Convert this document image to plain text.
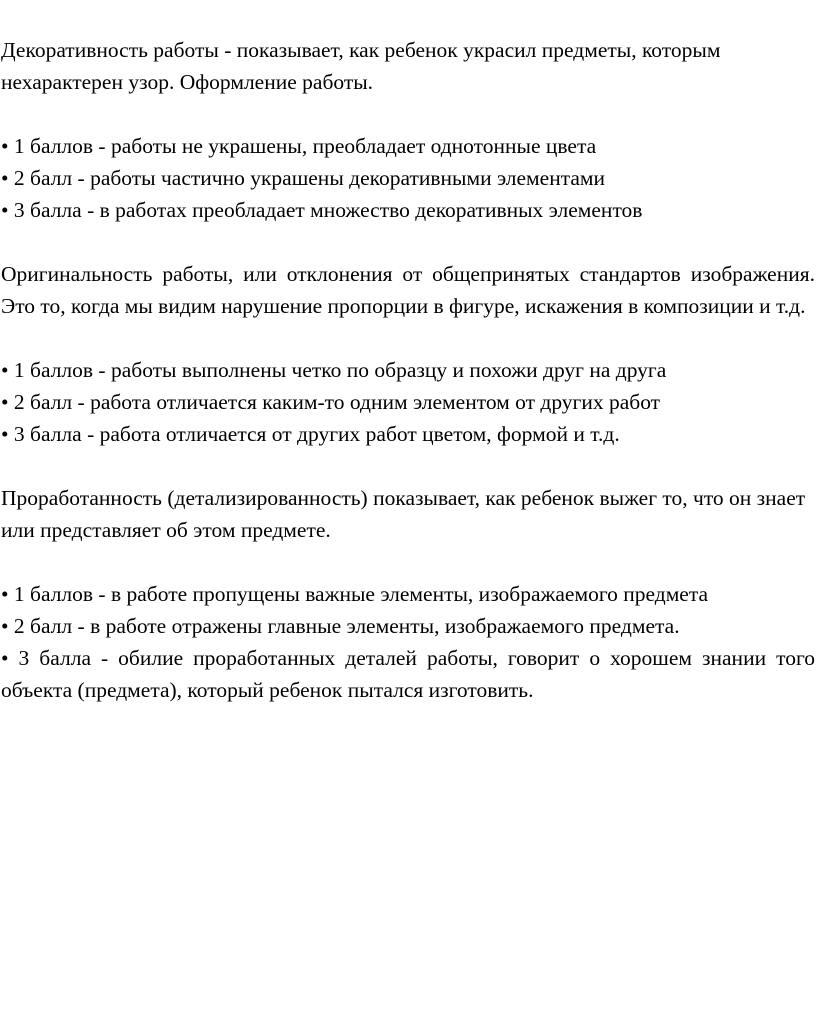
Декоративность работы - показывает, как ребенок украсил предметы, которым нехарактерен узор. Оформление работы.

• 1 баллов - работы не украшены, преобладает однотонные цвета

• 2 балл - работы частично украшены декоративными элементами

• 3 балла - в работах преобладает множество декоративных элементов

Оригинальность работы, или отклонения от общепринятых стандартов изображения. Это то, когда мы видим нарушение пропорции в фигуре, искажения в композиции и т.д.

• 1 баллов - работы выполнены четко по образцу и похожи друг на друга

• 2 балл - работа отличается каким-то одним элементом от других работ

• 3 балла - работа отличается от других работ цветом, формой и т.д.

Проработанность (детализированность) показывает, как ребенок выжег то, что он знает или представляет об этом предмете.

• 1 баллов - в работе пропущены важные элементы, изображаемого предмета

• 2 балл - в работе отражены главные элементы, изображаемого предмета.

• 3 балла - обилие проработанных деталей работы, говорит о хорошем знании того объекта (предмета), который ребенок пытался изготовить.
